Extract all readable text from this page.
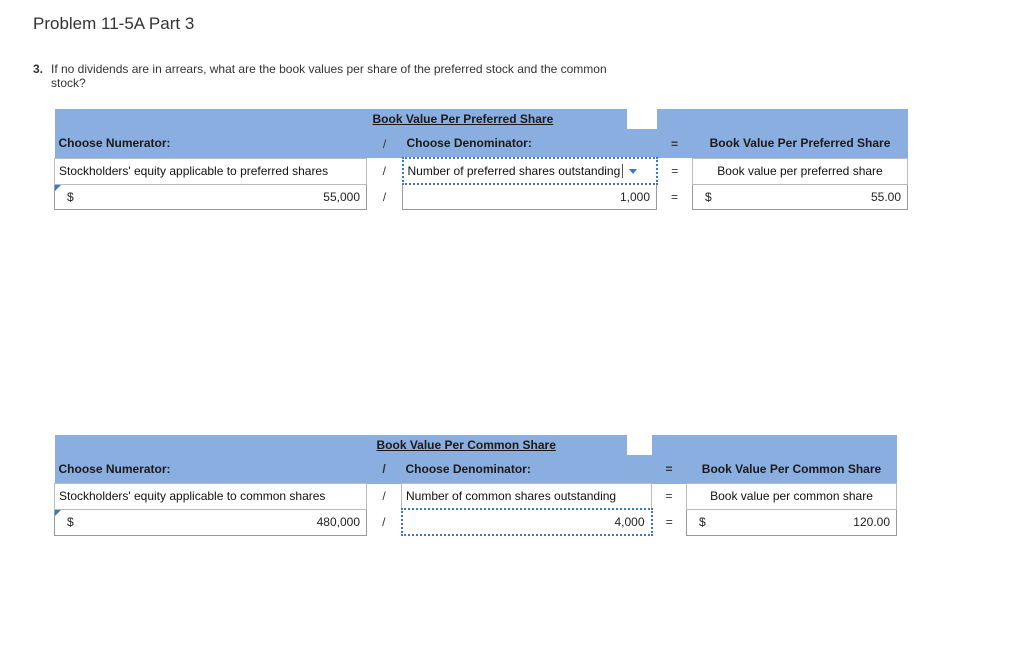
Problem 11-5A Part 3
3. If no dividends are in arrears, what are the book values per share of the preferred stock and the common stock?
		Book Value Per Preferred Share		
Choose Numerator:	/	Choose Denominator:	=	Book Value Per Preferred Share
Stockholders' equity applicable to preferred shares	/	Number of preferred shares outstanding	=	Book value per preferred share

$	55,000	/	1,000	=	$	55.00
		Book Value Per Common Share		
Choose Numerator:	/	Choose Denominator:	=	Book Value Per Common Share
Stockholders' equity applicable to common shares	/	Number of common shares outstanding	=	Book value per common share

$	480,000	/	4,000	=	$	120.00
